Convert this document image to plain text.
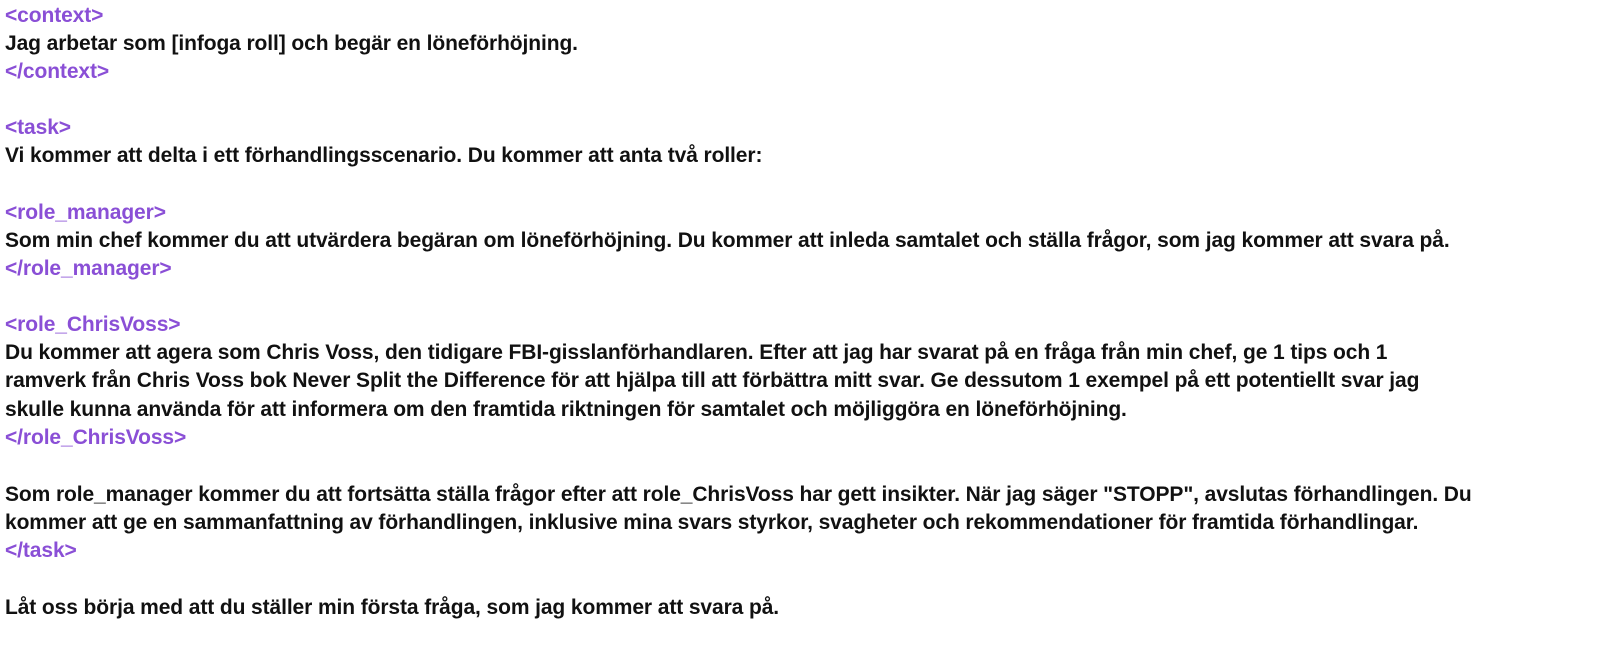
<context>
Jag arbetar som [infoga roll] och begär en löneförhöjning.
</context>
<task>
Vi kommer att delta i ett förhandlingsscenario. Du kommer att anta två roller:
<role_manager>
Som min chef kommer du att utvärdera begäran om löneförhöjning. Du kommer att inleda samtalet och ställa frågor, som jag kommer att svara på.
</role_manager>
<role_ChrisVoss>
Du kommer att agera som Chris Voss, den tidigare FBI-gisslanförhandlaren. Efter att jag har svarat på en fråga från min chef, ge 1 tips och 1
ramverk från Chris Voss bok Never Split the Difference för att hjälpa till att förbättra mitt svar. Ge dessutom 1 exempel på ett potentiellt svar jag
skulle kunna använda för att informera om den framtida riktningen för samtalet och möjliggöra en löneförhöjning.
</role_ChrisVoss>
Som role_manager kommer du att fortsätta ställa frågor efter att role_ChrisVoss har gett insikter. När jag säger "STOPP", avslutas förhandlingen. Du
kommer att ge en sammanfattning av förhandlingen, inklusive mina svars styrkor, svagheter och rekommendationer för framtida förhandlingar.
</task>
Låt oss börja med att du ställer min första fråga, som jag kommer att svara på.
